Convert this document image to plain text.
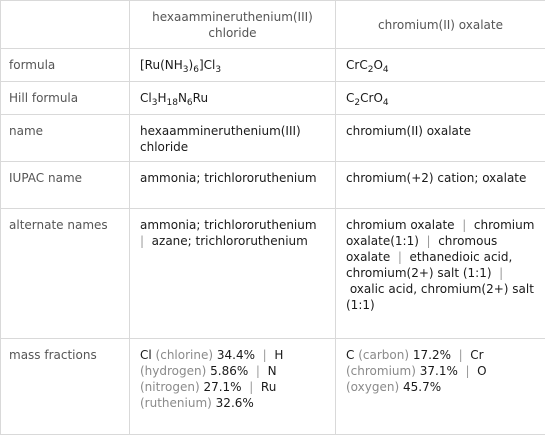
	hexaammineruthenium(III) chloride	chromium(II) oxalate
formula	$[Ru(NH_3)_6]Cl_3$	$CrC_2O_4$
Hill formula	$Cl_3H_{18}N_6Ru$	$C_2CrO_4$
name	hexaammineruthenium(III) chloride	chromium(II) oxalate
IUPAC name	ammonia; trichlororuthenium	chromium(+2) cation; oxalate
alternate names	ammonia; trichlororuthenium  |  azane; trichlororuthenium	chromium oxalate  |  chromium oxalate(1:1)  |  chromous oxalate  |  ethanedioic acid, chromium(2+) salt (1:1)  |  oxalic acid, chromium(2+) salt (1:1)
mass fractions	Cl (chlorine) 34.4%  |  H (hydrogen) 5.86%  |  N (nitrogen) 27.1%  |  Ru (ruthenium) 32.6%	C (carbon) 17.2%  |  Cr (chromium) 37.1%  |  O (oxygen) 45.7%
